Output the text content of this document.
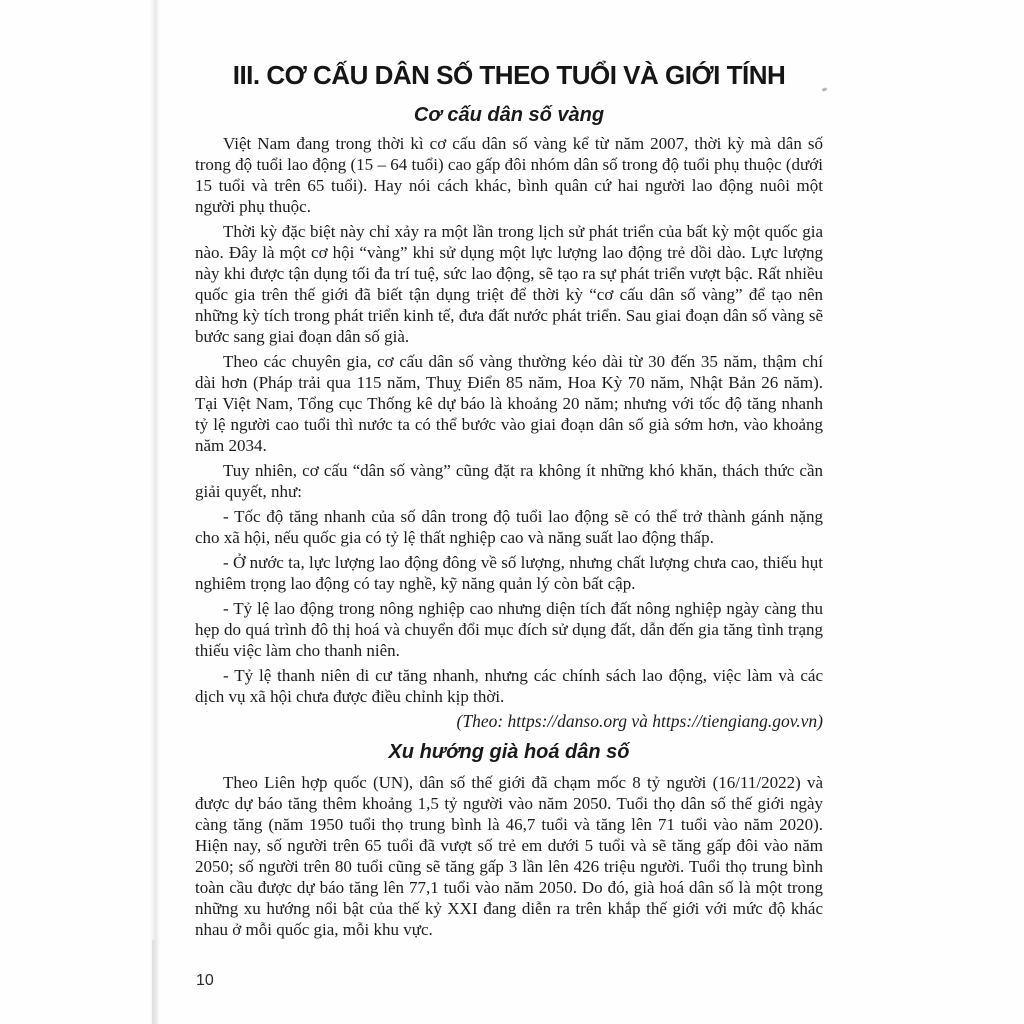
III. CƠ CẤU DÂN SỐ THEO TUỔI VÀ GIỚI TÍNH
Cơ cấu dân số vàng

Việt Nam đang trong thời kì cơ cấu dân số vàng kể từ năm 2007, thời kỳ mà dân số trong độ tuổi lao động (15 – 64 tuổi) cao gấp đôi nhóm dân số trong độ tuổi phụ thuộc (dưới 15 tuổi và trên 65 tuổi). Hay nói cách khác, bình quân cứ hai người lao động nuôi một người phụ thuộc.

Thời kỳ đặc biệt này chỉ xảy ra một lần trong lịch sử phát triển của bất kỳ một quốc gia nào. Đây là một cơ hội “vàng” khi sử dụng một lực lượng lao động trẻ dồi dào. Lực lượng này khi được tận dụng tối đa trí tuệ, sức lao động, sẽ tạo ra sự phát triển vượt bậc. Rất nhiều quốc gia trên thế giới đã biết tận dụng triệt để thời kỳ “cơ cấu dân số vàng” để tạo nên những kỳ tích trong phát triển kinh tế, đưa đất nước phát triển. Sau giai đoạn dân số vàng sẽ bước sang giai đoạn dân số già.

Theo các chuyên gia, cơ cấu dân số vàng thường kéo dài từ 30 đến 35 năm, thậm chí dài hơn (Pháp trải qua 115 năm, Thuỵ Điển 85 năm, Hoa Kỳ 70 năm, Nhật Bản 26 năm). Tại Việt Nam, Tổng cục Thống kê dự báo là khoảng 20 năm; nhưng với tốc độ tăng nhanh tỷ lệ người cao tuổi thì nước ta có thể bước vào giai đoạn dân số già sớm hơn, vào khoảng năm 2034.

Tuy nhiên, cơ cấu “dân số vàng” cũng đặt ra không ít những khó khăn, thách thức cần giải quyết, như:

- Tốc độ tăng nhanh của số dân trong độ tuổi lao động sẽ có thể trở thành gánh nặng cho xã hội, nếu quốc gia có tỷ lệ thất nghiệp cao và năng suất lao động thấp.

- Ở nước ta, lực lượng lao động đông về số lượng, nhưng chất lượng chưa cao, thiếu hụt nghiêm trọng lao động có tay nghề, kỹ năng quản lý còn bất cập.

- Tỷ lệ lao động trong nông nghiệp cao nhưng diện tích đất nông nghiệp ngày càng thu hẹp do quá trình đô thị hoá và chuyển đổi mục đích sử dụng đất, dẫn đến gia tăng tình trạng thiếu việc làm cho thanh niên.

- Tỷ lệ thanh niên di cư tăng nhanh, nhưng các chính sách lao động, việc làm và các dịch vụ xã hội chưa được điều chỉnh kịp thời.

(Theo: https://danso.org và https://tiengiang.gov.vn)

Xu hướng già hoá dân số

Theo Liên hợp quốc (UN), dân số thế giới đã chạm mốc 8 tỷ người (16/11/2022) và được dự báo tăng thêm khoảng 1,5 tỷ người vào năm 2050. Tuổi thọ dân số thế giới ngày càng tăng (năm 1950 tuổi thọ trung bình là 46,7 tuổi và tăng lên 71 tuổi vào năm 2020). Hiện nay, số người trên 65 tuổi đã vượt số trẻ em dưới 5 tuổi và sẽ tăng gấp đôi vào năm 2050; số người trên 80 tuổi cũng sẽ tăng gấp 3 lần lên 426 triệu người. Tuổi thọ trung bình toàn cầu được dự báo tăng lên 77,1 tuổi vào năm 2050. Do đó, già hoá dân số là một trong những xu hướng nổi bật của thế kỷ XXI đang diễn ra trên khắp thế giới với mức độ khác nhau ở mỗi quốc gia, mỗi khu vực.

10
